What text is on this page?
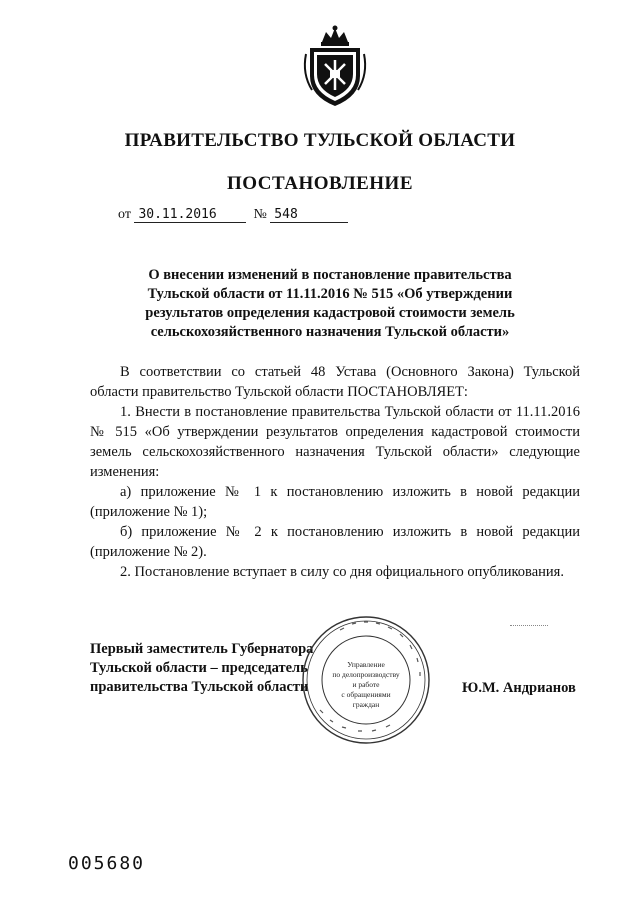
ПРАВИТЕЛЬСТВО ТУЛЬСКОЙ ОБЛАСТИ
ПОСТАНОВЛЕНИЕ
от 30.11.2016	№ 548
О внесении изменений в постановление правительства
Тульской области от 11.11.2016 № 515 «Об утверждении
результатов определения кадастровой стоимости земель
сельскохозяйственного назначения Тульской области»
В соответствии со статьей 48 Устава (Основного Закона) Тульской области правительство Тульской области ПОСТАНОВЛЯЕТ:
1. Внести в постановление правительства Тульской области от 11.11.2016 № 515 «Об утверждении результатов определения кадастровой стоимости земель сельскохозяйственного назначения Тульской области» следующие изменения:
а) приложение № 1 к постановлению изложить в новой редакции (приложение № 1);
б) приложение № 2 к постановлению изложить в новой редакции (приложение № 2).
2. Постановление вступает в силу со дня официального опубликования.
Первый заместитель Губернатора
Тульской области – председатель
правительства Тульской области
Управление
по делопроизводству
и работе
с обращениями
граждан
Ю.М. Андрианов
005680
